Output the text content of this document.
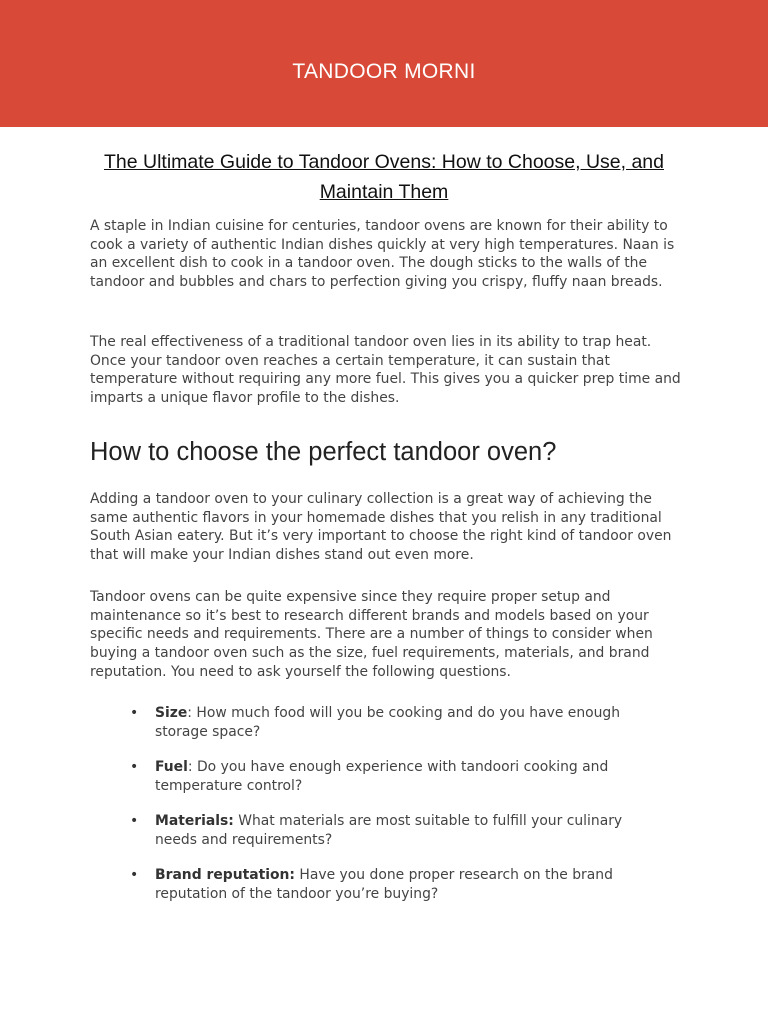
TANDOOR MORNI
The Ultimate Guide to Tandoor Ovens: How to Choose, Use, and Maintain Them

A staple in Indian cuisine for centuries, tandoor ovens are known for their ability to cook a variety of authentic Indian dishes quickly at very high temperatures. Naan is an excellent dish to cook in a tandoor oven. The dough sticks to the walls of the tandoor and bubbles and chars to perfection giving you crispy, fluffy naan breads.

The real effectiveness of a traditional tandoor oven lies in its ability to trap heat. Once your tandoor oven reaches a certain temperature, it can sustain that temperature without requiring any more fuel. This gives you a quicker prep time and imparts a unique flavor profile to the dishes.

How to choose the perfect tandoor oven?

Adding a tandoor oven to your culinary collection is a great way of achieving the same authentic flavors in your homemade dishes that you relish in any traditional South Asian eatery. But it’s very important to choose the right kind of tandoor oven that will make your Indian dishes stand out even more.

Tandoor ovens can be quite expensive since they require proper setup and maintenance so it’s best to research different brands and models based on your specific needs and requirements. There are a number of things to consider when buying a tandoor oven such as the size, fuel requirements, materials, and brand reputation. You need to ask yourself the following questions.

• Size: How much food will you be cooking and do you have enough storage space?
• Fuel: Do you have enough experience with tandoori cooking and temperature control?
• Materials: What materials are most suitable to fulfill your culinary needs and requirements?
• Brand reputation: Have you done proper research on the brand reputation of the tandoor you’re buying?
